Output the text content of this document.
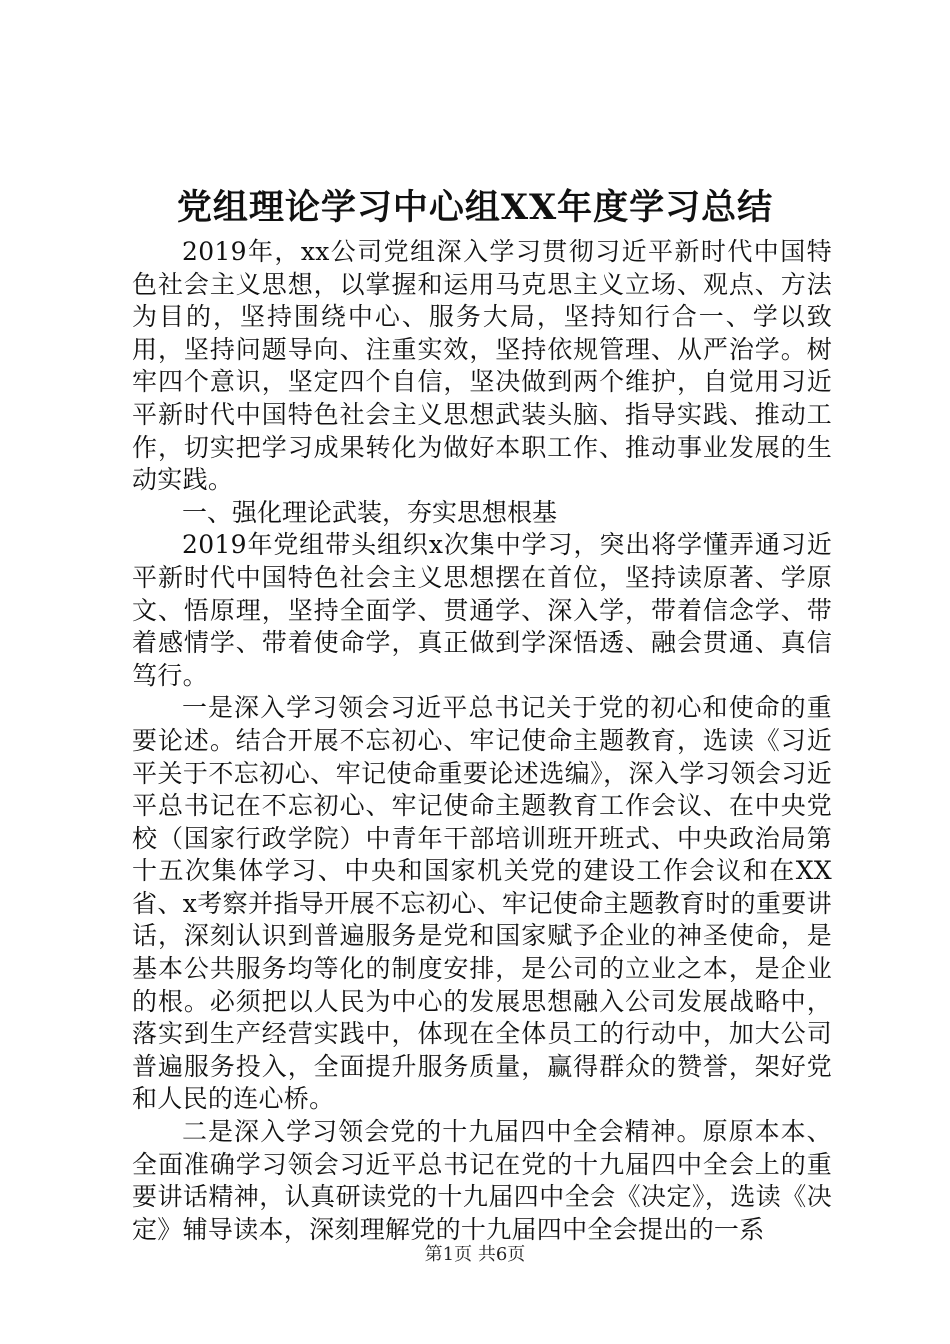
党组理论学习中心组XX年度学习总结

2019年，xx公司党组深入学习贯彻习近平新时代中国特色社会主义思想，以掌握和运用马克思主义立场、观点、方法为目的，坚持围绕中心、服务大局，坚持知行合一、学以致用，坚持问题导向、注重实效，坚持依规管理、从严治学。树牢四个意识，坚定四个自信，坚决做到两个维护，自觉用习近平新时代中国特色社会主义思想武装头脑、指导实践、推动工作，切实把学习成果转化为做好本职工作、推动事业发展的生动实践。

一、强化理论武装，夯实思想根基

2019年党组带头组织x次集中学习，突出将学懂弄通习近平新时代中国特色社会主义思想摆在首位，坚持读原著、学原文、悟原理，坚持全面学、贯通学、深入学，带着信念学、带着感情学、带着使命学，真正做到学深悟透、融会贯通、真信笃行。

一是深入学习领会习近平总书记关于党的初心和使命的重要论述。结合开展不忘初心、牢记使命主题教育，选读《习近平关于不忘初心、牢记使命重要论述选编》，深入学习领会习近平总书记在不忘初心、牢记使命主题教育工作会议、在中央党校（国家行政学院）中青年干部培训班开班式、中央政治局第十五次集体学习、中央和国家机关党的建设工作会议和在XX省、x考察并指导开展不忘初心、牢记使命主题教育时的重要讲话，深刻认识到普遍服务是党和国家赋予企业的神圣使命，是基本公共服务均等化的制度安排，是公司的立业之本，是企业的根。必须把以人民为中心的发展思想融入公司发展战略中，落实到生产经营实践中，体现在全体员工的行动中，加大公司普遍服务投入，全面提升服务质量，赢得群众的赞誉，架好党和人民的连心桥。

二是深入学习领会党的十九届四中全会精神。原原本本、全面准确学习领会习近平总书记在党的十九届四中全会上的重要讲话精神，认真研读党的十九届四中全会《决定》，选读《决定》辅导读本，深刻理解党的十九届四中全会提出的一系

第1页 共6页
